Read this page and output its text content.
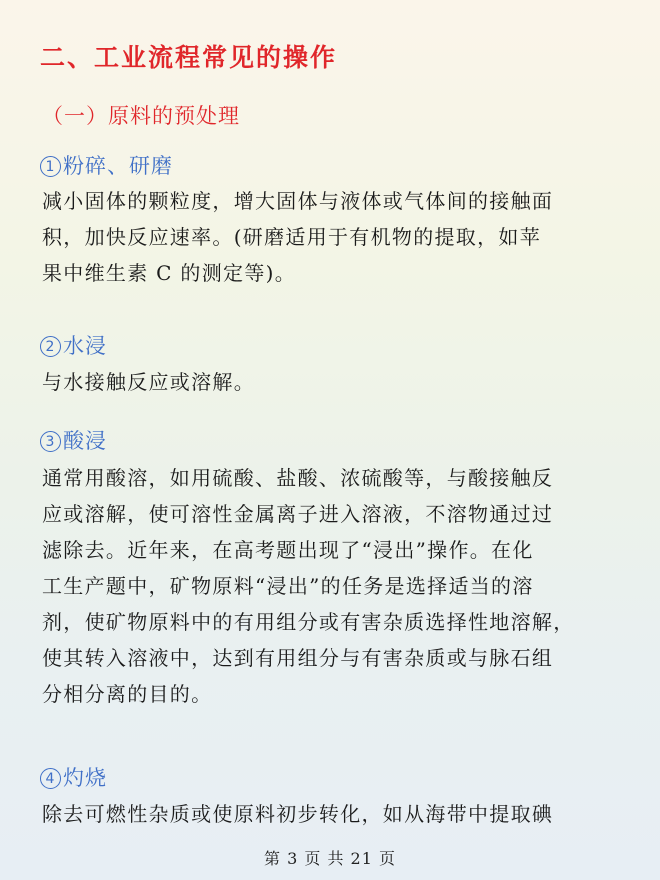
二、工业流程常见的操作
（一）原料的预处理
1 粉碎、研磨
减小固体的颗粒度，增大固体与液体或气体间的接触面
积，加快反应速率。(研磨适用于有机物的提取，如苹
果中维生素 C 的测定等)。
2 水浸
与水接触反应或溶解。
3 酸浸
通常用酸溶，如用硫酸、盐酸、浓硫酸等，与酸接触反
应或溶解，使可溶性金属离子进入溶液，不溶物通过过
滤除去。近年来，在高考题出现了“浸出”操作。在化
工生产题中，矿物原料“浸出”的任务是选择适当的溶
剂，使矿物原料中的有用组分或有害杂质选择性地溶解，
使其转入溶液中，达到有用组分与有害杂质或与脉石组
分相分离的目的。
4 灼烧
除去可燃性杂质或使原料初步转化，如从海带中提取碘
第 3 页 共 21 页
